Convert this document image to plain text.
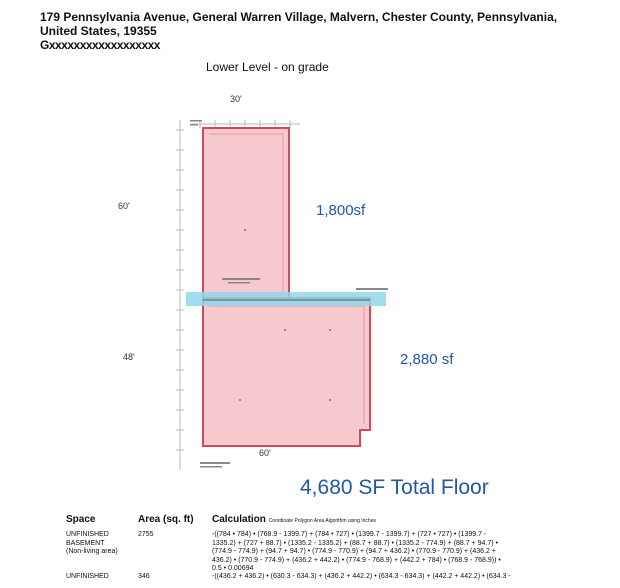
179 Pennsylvania Avenue, General Warren Village, Malvern, Chester County, Pennsylvania,
United States, 19355
Gxxxxxxxxxxxxxxxxxx
Lower Level - on grade
30'
60'
48'
60'
1,800sf
2,880 sf
4,680 SF Total Floor
Space	Area (sq. ft) Calculation Coordinate Polygon Area Algorithm using Inches
UNFINISHED
BASEMENT
(Non-living area)
2755	-((784 • 784) • (768.9 - 1399.7) + (784 • 727) • (1399.7 - 1399.7) + (727 • 727) • (1399.7 -
1335.2) + (727 + 88.7) • (1335.2 - 1335.2) + (88.7 + 88.7) • (1335.2 - 774.9) + (88.7 + 94.7) •
(774.9 - 774.9) + (94.7 + 94.7) • (774.9 - 770.9) + (94.7 + 436.2) • (770.9 - 770.9) + (436.2 +
436.2) • (770.9 - 774.9) + (436.2 + 442.2) • (774.9 - 768.9) + (442.2 + 784) • (768.9 - 768.9)) •
0.5 • 0.00694
UNFINISHED	346	-((436.2 + 436.2) • (630.3 - 634.3) + (436.2 + 442.2) • (634.3 - 634.3) + (442.2 + 442.2) • (634.3 -
